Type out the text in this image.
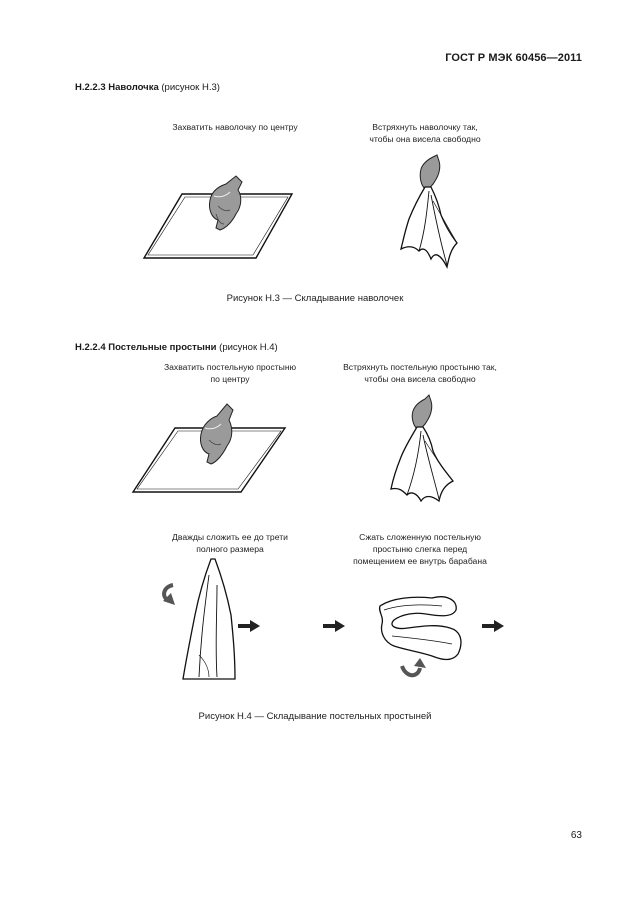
ГОСТ Р МЭК 60456—2011
H.2.2.3 Наволочка (рисунок H.3)
Захватить наволочку по центру	Встряхнуть наволочку так,
чтобы она висела свободно
Рисунок H.3 — Складывание наволочек
H.2.2.4 Постельные простыни (рисунок H.4)
Захватить постельную простыню
по центру
Встряхнуть постельную простыню так,
чтобы она висела свободно
Дважды сложить ее до трети
полного размера
Сжать сложенную постельную
простыню слегка перед
помещением ее внутрь барабана
Рисунок H.4 — Складывание постельных простыней
63
